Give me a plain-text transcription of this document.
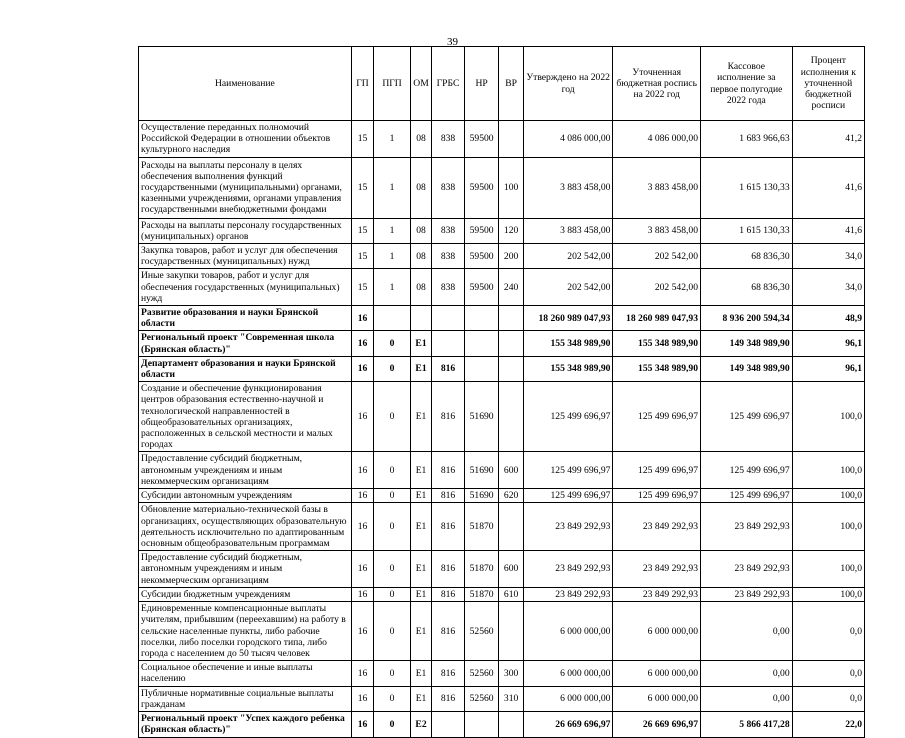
39
Наименование	ГП	ПГП	ОМ	ГРБС	НР	ВР	Утверждено на 2022 год	Уточненная бюджетная роспись на 2022 год	Кассовое исполнение за первое полугодие 2022 года	Процент исполнения к уточненной бюджетной росписи
Осуществление переданных полномочий Российской Федерации в отношении объектов культурного наследия	15	1	08	838	59500		4 086 000,00	4 086 000,00	1 683 966,63	41,2
Расходы на выплаты персоналу в целях обеспечения выполнения функций государственными (муниципальными) органами, казенными учреждениями, органами управления государственными внебюджетными фондами	15	1	08	838	59500	100	3 883 458,00	3 883 458,00	1 615 130,33	41,6
Расходы на выплаты персоналу государственных (муниципальных) органов	15	1	08	838	59500	120	3 883 458,00	3 883 458,00	1 615 130,33	41,6
Закупка товаров, работ и услуг для обеспечения государственных (муниципальных) нужд	15	1	08	838	59500	200	202 542,00	202 542,00	68 836,30	34,0
Иные закупки товаров, работ и услуг для обеспечения государственных (муниципальных) нужд	15	1	08	838	59500	240	202 542,00	202 542,00	68 836,30	34,0
Развитие образования и науки Брянской области	16						18 260 989 047,93	18 260 989 047,93	8 936 200 594,34	48,9
Региональный проект "Современная школа (Брянская область)"	16	0	E1				155 348 989,90	155 348 989,90	149 348 989,90	96,1
Департамент образования и науки Брянской области	16	0	E1	816			155 348 989,90	155 348 989,90	149 348 989,90	96,1
Создание и обеспечение функционирования центров образования естественно-научной и технологической направленностей в общеобразовательных организациях, расположенных в сельской местности и малых городах	16	0	E1	816	51690		125 499 696,97	125 499 696,97	125 499 696,97	100,0
Предоставление субсидий бюджетным, автономным учреждениям и иным некоммерческим организациям	16	0	E1	816	51690	600	125 499 696,97	125 499 696,97	125 499 696,97	100,0
Субсидии автономным учреждениям	16	0	E1	816	51690	620	125 499 696,97	125 499 696,97	125 499 696,97	100,0
Обновление материально-технической базы в организациях, осуществляющих образовательную деятельность исключительно по адаптированным основным общеобразовательным программам	16	0	E1	816	51870		23 849 292,93	23 849 292,93	23 849 292,93	100,0
Предоставление субсидий бюджетным, автономным учреждениям и иным некоммерческим организациям	16	0	E1	816	51870	600	23 849 292,93	23 849 292,93	23 849 292,93	100,0
Субсидии бюджетным учреждениям	16	0	E1	816	51870	610	23 849 292,93	23 849 292,93	23 849 292,93	100,0
Единовременные компенсационные выплаты учителям, прибывшим (переехавшим) на работу в сельские населенные пункты, либо рабочие поселки, либо поселки городского типа, либо города с населением до 50 тысяч человек	16	0	E1	816	52560		6 000 000,00	6 000 000,00	0,00	0,0
Социальное обеспечение и иные выплаты населению	16	0	E1	816	52560	300	6 000 000,00	6 000 000,00	0,00	0,0
Публичные нормативные социальные выплаты гражданам	16	0	E1	816	52560	310	6 000 000,00	6 000 000,00	0,00	0,0
Региональный проект "Успех каждого ребенка (Брянская область)"	16	0	E2				26 669 696,97	26 669 696,97	5 866 417,28	22,0
